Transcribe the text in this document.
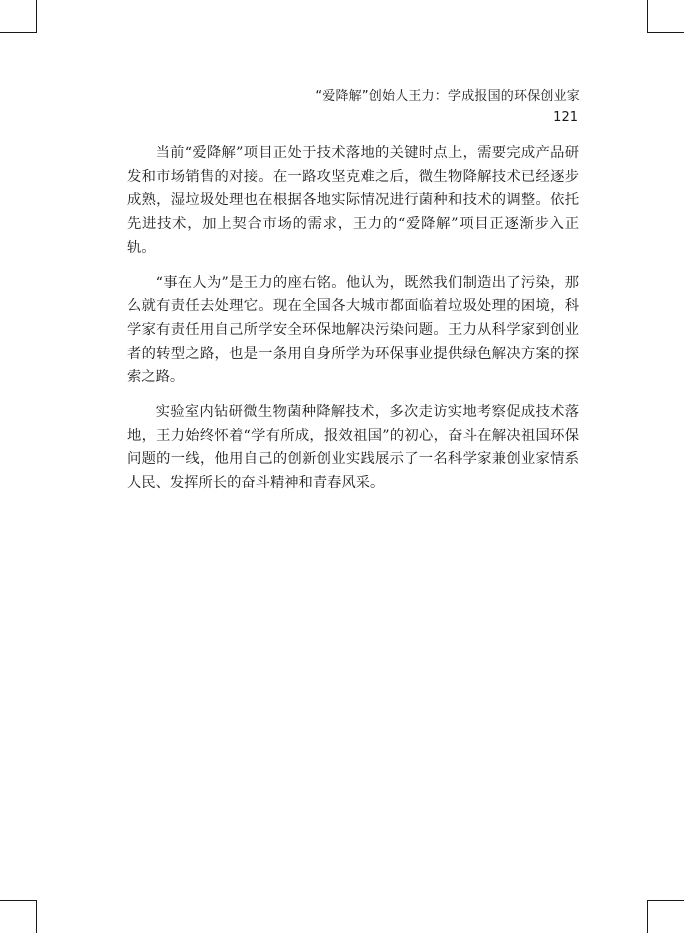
“爱降解”创始人王力：学成报国的环保创业家
121

当前“爱降解”项目正处于技术落地的关键时点上，需要完成产品研发和市场销售的对接。在一路攻坚克难之后，微生物降解技术已经逐步成熟，湿垃圾处理也在根据各地实际情况进行菌种和技术的调整。依托先进技术，加上契合市场的需求，王力的“爱降解”项目正逐渐步入正轨。

“事在人为”是王力的座右铭。他认为，既然我们制造出了污染，那么就有责任去处理它。现在全国各大城市都面临着垃圾处理的困境，科学家有责任用自己所学安全环保地解决污染问题。王力从科学家到创业者的转型之路，也是一条用自身所学为环保事业提供绿色解决方案的探索之路。

实验室内钻研微生物菌种降解技术，多次走访实地考察促成技术落地，王力始终怀着“学有所成，报效祖国”的初心，奋斗在解决祖国环保问题的一线，他用自己的创新创业实践展示了一名科学家兼创业家情系人民、发挥所长的奋斗精神和青春风采。
